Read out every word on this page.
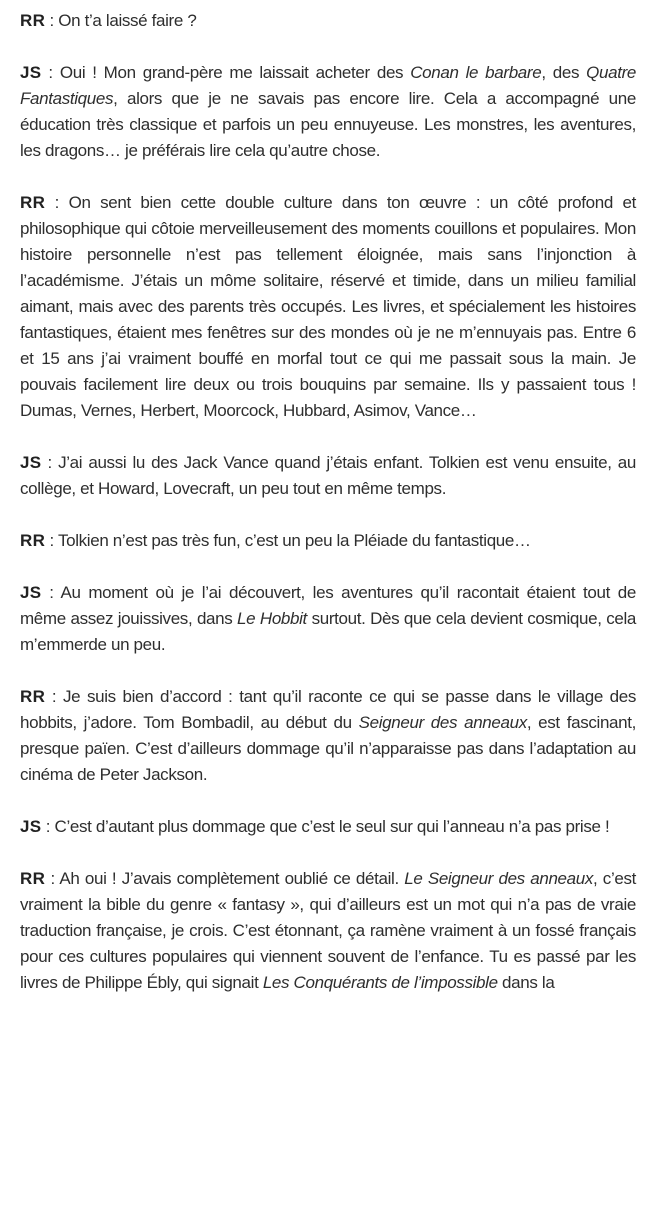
RR : On t’a laissé faire ?

JS : Oui ! Mon grand-père me laissait acheter des Conan le barbare, des Quatre Fantastiques, alors que je ne savais pas encore lire. Cela a accompagné une éducation très classique et parfois un peu ennuyeuse. Les monstres, les aventures, les dragons… je préférais lire cela qu’autre chose.

RR : On sent bien cette double culture dans ton œuvre : un côté profond et philosophique qui côtoie merveilleusement des moments couillons et populaires. Mon histoire personnelle n’est pas tellement éloignée, mais sans l’injonction à l’académisme. J’étais un môme solitaire, réservé et timide, dans un milieu familial aimant, mais avec des parents très occupés. Les livres, et spécialement les histoires fantastiques, étaient mes fenêtres sur des mondes où je ne m’ennuyais pas. Entre 6 et 15 ans j’ai vraiment bouffé en morfal tout ce qui me passait sous la main. Je pouvais facilement lire deux ou trois bouquins par semaine. Ils y passaient tous ! Dumas, Vernes, Herbert, Moorcock, Hubbard, Asimov, Vance…

JS : J’ai aussi lu des Jack Vance quand j’étais enfant. Tolkien est venu ensuite, au collège, et Howard, Lovecraft, un peu tout en même temps.

RR : Tolkien n’est pas très fun, c’est un peu la Pléiade du fantastique…

JS : Au moment où je l’ai découvert, les aventures qu’il racontait étaient tout de même assez jouissives, dans Le Hobbit surtout. Dès que cela devient cosmique, cela m’emmerde un peu.

RR : Je suis bien d’accord : tant qu’il raconte ce qui se passe dans le village des hobbits, j’adore. Tom Bombadil, au début du Seigneur des anneaux, est fascinant, presque païen. C’est d’ailleurs dommage qu’il n’apparaisse pas dans l’adaptation au cinéma de Peter Jackson.

JS : C’est d’autant plus dommage que c’est le seul sur qui l’anneau n’a pas prise !

RR : Ah oui ! J’avais complètement oublié ce détail. Le Seigneur des anneaux, c’est vraiment la bible du genre « fantasy », qui d’ailleurs est un mot qui n’a pas de vraie traduction française, je crois. C’est étonnant, ça ramène vraiment à un fossé français pour ces cultures populaires qui viennent souvent de l’enfance. Tu es passé par les livres de Philippe Ébly, qui signait Les Conquérants de l’impossible dans la
